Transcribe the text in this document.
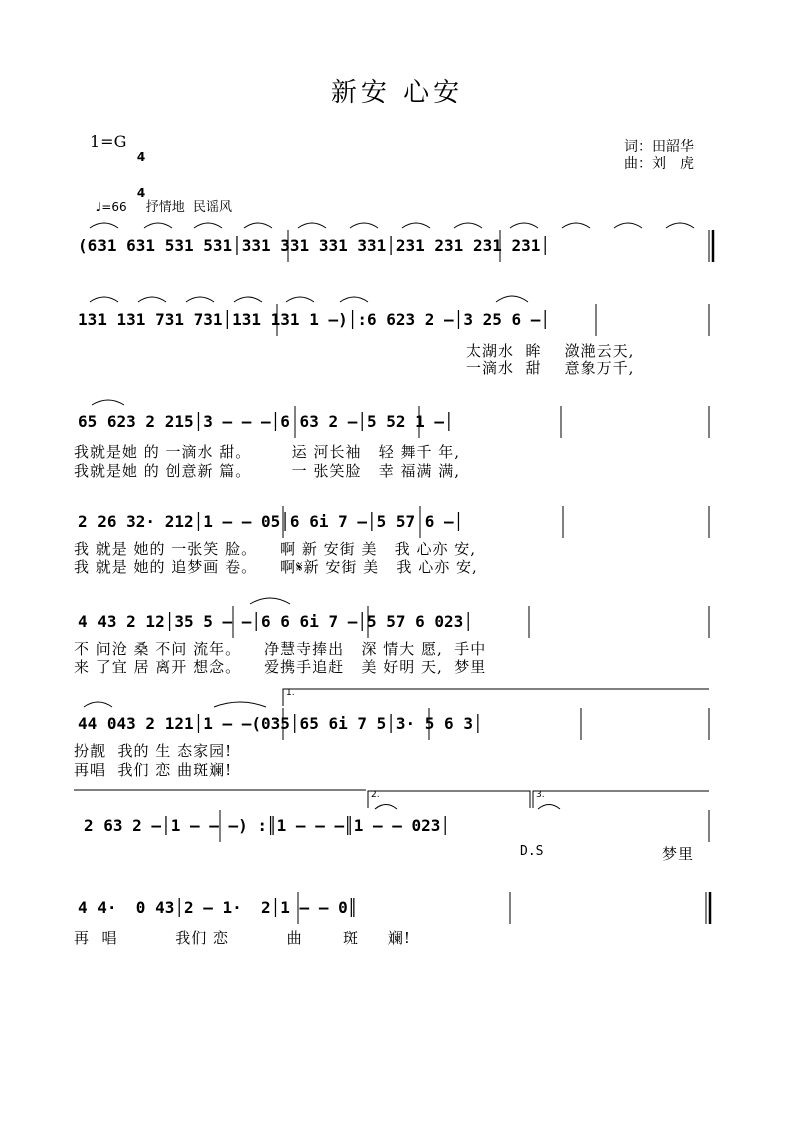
新安 心安
1=G

4

4

词：田韶华
曲：刘　虎

♩=66 抒情地  民谣风

(631 631 531 531│331 331 331 331│231 231 231 231│
131 131 731 731│131 131 1 –)│:6 623 2 –│3 25 6 –│
太湖水  眸    潋滟云天,
一滴水  甜    意象万千,
65 623 2 215│3 – – –│6 63 2 –│5 52 1 –│
我就是她 的 一滴水 甜。       运 河长袖   轻 舞千 年,
我就是她 的 创意新 篇。       一 张笑脸   幸 福满 满,
2 26 32· 212│1 – – 05│6 6i 7 –│5 57 6 –│
我 就是 她的 一张笑 脸。    啊 新 安街 美   我 心亦 安,
我 就是 她的 追梦画 卷。    啊𝄋新 安街 美   我 心亦 安,
4 43 2 12│35 5 – –│6 6 6i 7 –│5 57 6 023│
不 问沧 桑 不问 流年。    净慧寺捧出   深 情大 愿,  手中
来 了宜 居 离开 想念。    爱携手追赶   美 好明 天,  梦里
1.
44 043 2 121│1 – –(035│65 6i 7 5│3· 5 6 3│
扮靓  我的 生 态家园!
再唱  我们 恋 曲斑斓!
2.	3.
2 63 2 –│1 – – –) :║1 – – –║1 – – 023│
D.S	梦里
4 4·  0 43│2 – 1·  2│1 – – 0║
再  唱          我们 恋          曲       斑     斓!
